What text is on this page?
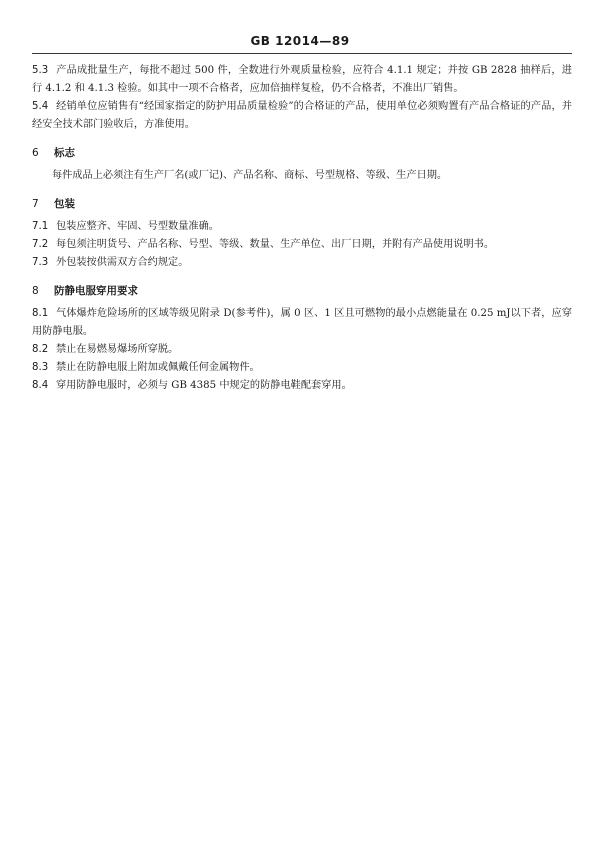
GB 12014—89

5.3 产品成批量生产，每批不超过 500 件，全数进行外观质量检验，应符合 4.1.1 规定；并按 GB 2828 抽样后，进行 4.1.2 和 4.1.3 检验。如其中一项不合格者，应加倍抽样复检，仍不合格者，不准出厂销售。

5.4 经销单位应销售有“经国家指定的防护用品质量检验”的合格证的产品，使用单位必须购置有产品合格证的产品，并经安全技术部门验收后，方准使用。

6 标志

每件成品上必须注有生产厂名(或厂记)、产品名称、商标、号型规格、等级、生产日期。

7 包装

7.1 包装应整齐、牢固、号型数量准确。

7.2 每包须注明货号、产品名称、号型、等级、数量、生产单位、出厂日期，并附有产品使用说明书。

7.3 外包装按供需双方合约规定。

8 防静电服穿用要求

8.1 气体爆炸危险场所的区域等级见附录 D(参考件)，属 0 区、1 区且可燃物的最小点燃能量在 0.25 mJ以下者，应穿用防静电服。

8.2 禁止在易燃易爆场所穿脱。

8.3 禁止在防静电服上附加或佩戴任何金属物件。

8.4 穿用防静电服时，必须与 GB 4385 中规定的防静电鞋配套穿用。
